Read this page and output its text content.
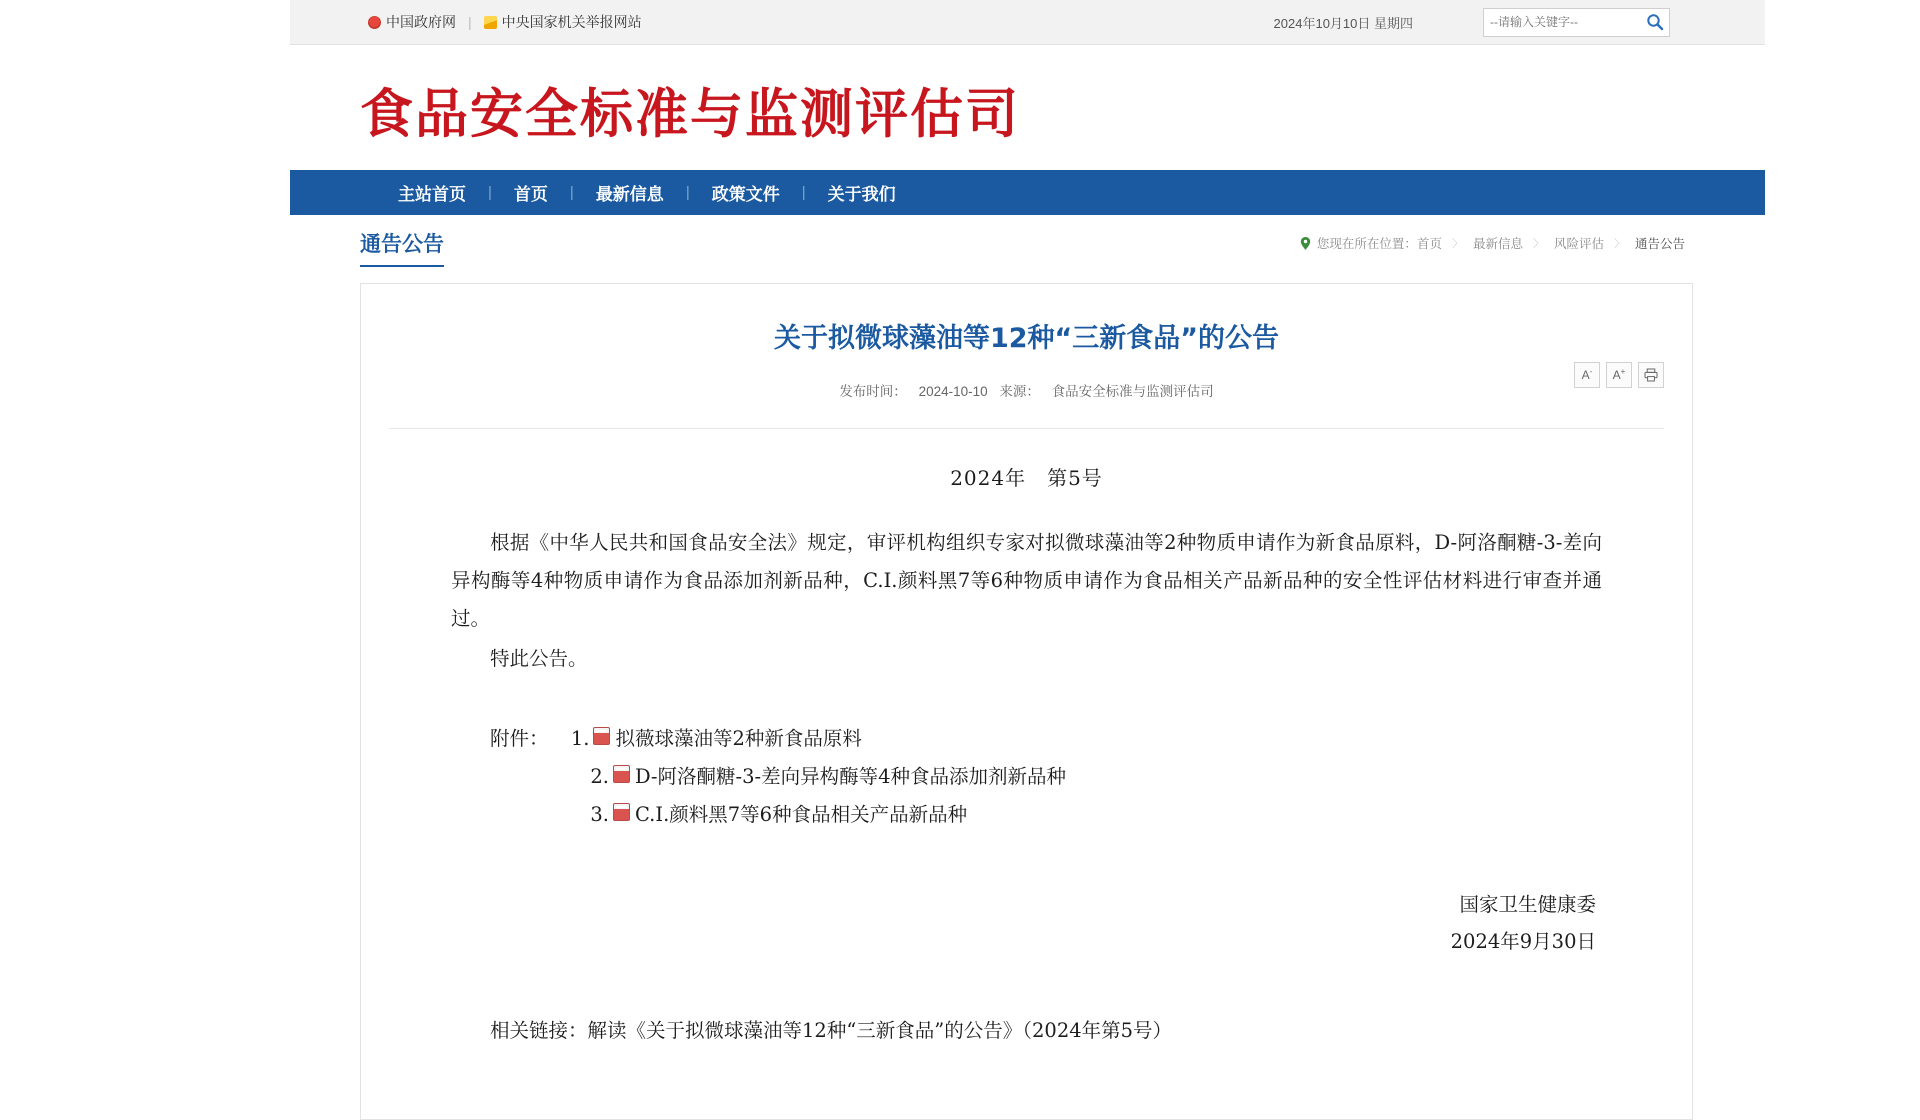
中国政府网 | 中央国家机关举报网站	2024年10月10日 星期四
--请输入关键字--
食品安全标准与监测评估司
主站首页	|	首页	|	最新信息	|	政策文件	|	关于我们
通告公告	您现在所在位置： 首页 〉 最新信息 〉 风险评估 〉 通告公告
关于拟微球藻油等12种“三新食品”的公告
发布时间： 2024-10-10 来源： 食品安全标准与监测评估司
A- A+
2024年　第5号
根据《中华人民共和国食品安全法》规定，审评机构组织专家对拟微球藻油等2种物质申请作为新食品原料，D-阿洛酮糖-3-差向异构酶等4种物质申请作为食品添加剂新品种，C.I.颜料黑7等6种物质申请作为食品相关产品新品种的安全性评估材料进行审查并通过。
特此公告。
附件：	1. 拟薇球藻油等2种新食品原料
2. D-阿洛酮糖-3-差向异构酶等4种食品添加剂新品种
3. C.I.颜料黑7等6种食品相关产品新品种
国家卫生健康委
2024年9月30日
相关链接：解读《关于拟微球藻油等12种“三新食品”的公告》（2024年第5号）
